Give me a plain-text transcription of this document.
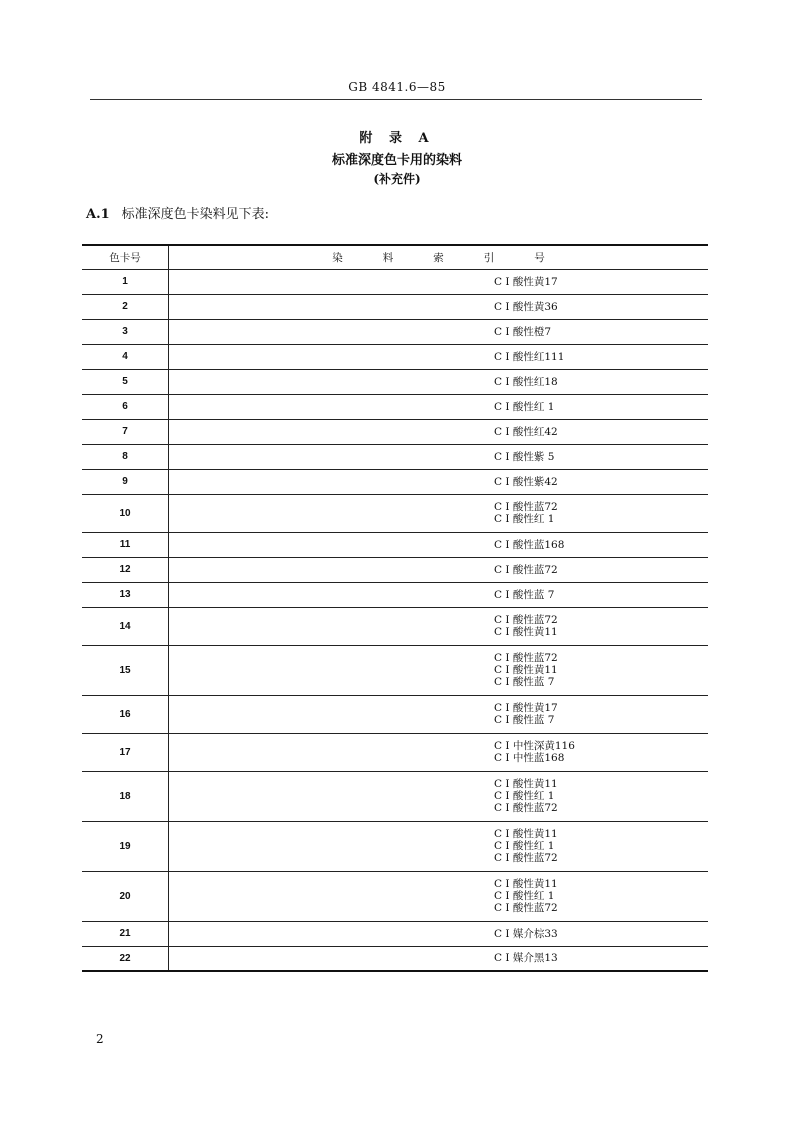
GB 4841.6—85
附 录 A
标准深度色卡用的染料
(补充件)
A.1 标准深度色卡染料见下表:
色卡号	染料索引号
1	C I 酸性黄17

2	C I 酸性黄36

3	C I 酸性橙7

4	C I 酸性红111

5	C I 酸性红18

6	C I 酸性红 1

7	C I 酸性红42

8	C I 酸性紫 5

9	C I 酸性紫42

10	C I 酸性蓝72
C I 酸性红 1

11	C I 酸性蓝168

12	C I 酸性蓝72

13	C I 酸性蓝 7

14	C I 酸性蓝72
C I 酸性黄11

15	C I 酸性蓝72
C I 酸性黄11
C I 酸性蓝 7

16	C I 酸性黄17
C I 酸性蓝 7

17	C I 中性深黄116
C I 中性蓝168

18	C I 酸性黄11
C I 酸性红 1
C I 酸性蓝72

19	C I 酸性黄11
C I 酸性红 1
C I 酸性蓝72

20	C I 酸性黄11
C I 酸性红 1
C I 酸性蓝72

21	C I 媒介棕33

22	C I 媒介黑13
2
